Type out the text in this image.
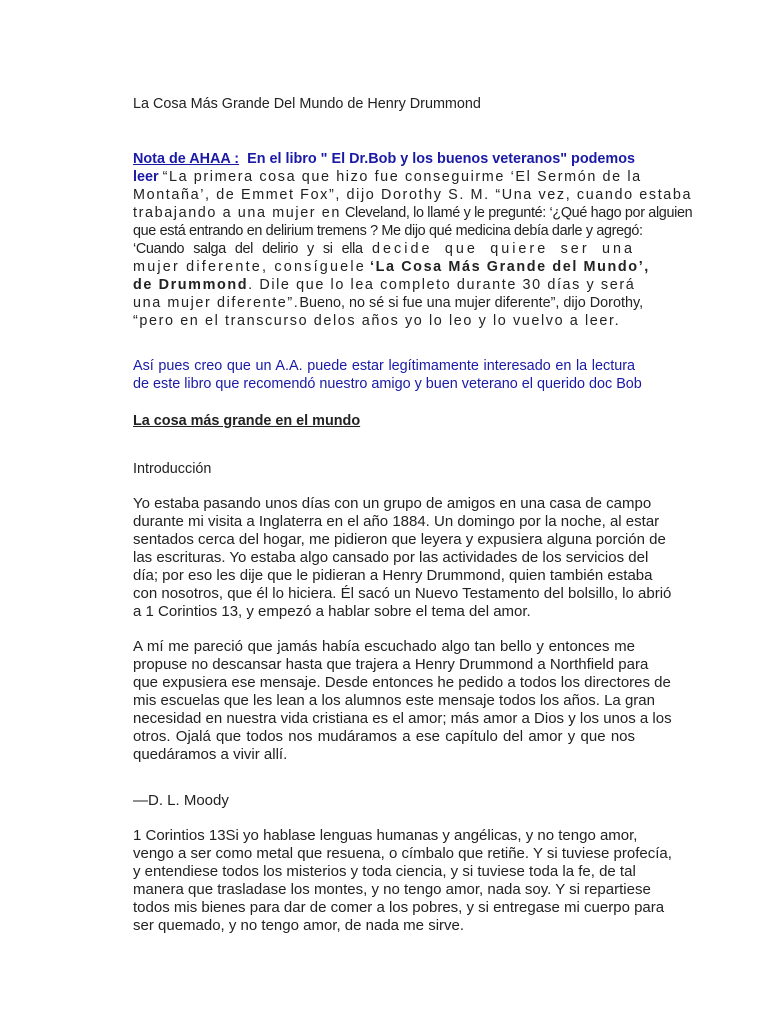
La Cosa Más Grande Del Mundo de Henry Drummond
Nota de AHAA : En el libro " El Dr.Bob y los buenos veteranos" podemos
leer “La primera cosa que hizo fue conseguirme ‘El Sermón de la
Montaña’, de Emmet Fox”, dijo Dorothy S. M. “Una vez, cuando estaba
trabajando a una mujer en Cleveland, lo llamé y le pregunté: ‘¿Qué hago por alguien
que está entrando en delirium tremens ? Me dijo qué medicina debía darle y agregó:
‘Cuando salga del delirio y si ella decide que quiere ser una
mujer diferente, consíguele ‘La Cosa Más Grande del Mundo’,
de Drummond. Dile que lo lea completo durante 30 días y será
una mujer diferente”.Bueno, no sé si fue una mujer diferente”, dijo Dorothy,
“pero en el transcurso delos años yo lo leo y lo vuelvo a leer.
Así pues creo que un A.A. puede estar legítimamente interesado en la lectura
de este libro que recomendó nuestro amigo y buen veterano el querido doc Bob
La cosa más grande en el mundo
Introducción
Yo estaba pasando unos días con un grupo de amigos en una casa de campo
durante mi visita a Inglaterra en el año 1884. Un domingo por la noche, al estar
sentados cerca del hogar, me pidieron que leyera y expusiera alguna porción de
las escrituras. Yo estaba algo cansado por las actividades de los servicios del
día; por eso les dije que le pidieran a Henry Drummond, quien también estaba
con nosotros, que él lo hiciera. Él sacó un Nuevo Testamento del bolsillo, lo abrió
a 1 Corintios 13, y empezó a hablar sobre el tema del amor.
A mí me pareció que jamás había escuchado algo tan bello y entonces me
propuse no descansar hasta que trajera a Henry Drummond a Northfield para
que expusiera ese mensaje. Desde entonces he pedido a todos los directores de
mis escuelas que les lean a los alumnos este mensaje todos los años. La gran
necesidad en nuestra vida cristiana es el amor; más amor a Dios y los unos a los
otros. Ojalá que todos nos mudáramos a ese capítulo del amor y que nos
quedáramos a vivir allí.
—D. L. Moody
1 Corintios 13Si yo hablase lenguas humanas y angélicas, y no tengo amor,
vengo a ser como metal que resuena, o címbalo que retiñe. Y si tuviese profecía,
y entendiese todos los misterios y toda ciencia, y si tuviese toda la fe, de tal
manera que trasladase los montes, y no tengo amor, nada soy. Y si repartiese
todos mis bienes para dar de comer a los pobres, y si entregase mi cuerpo para
ser quemado, y no tengo amor, de nada me sirve.
